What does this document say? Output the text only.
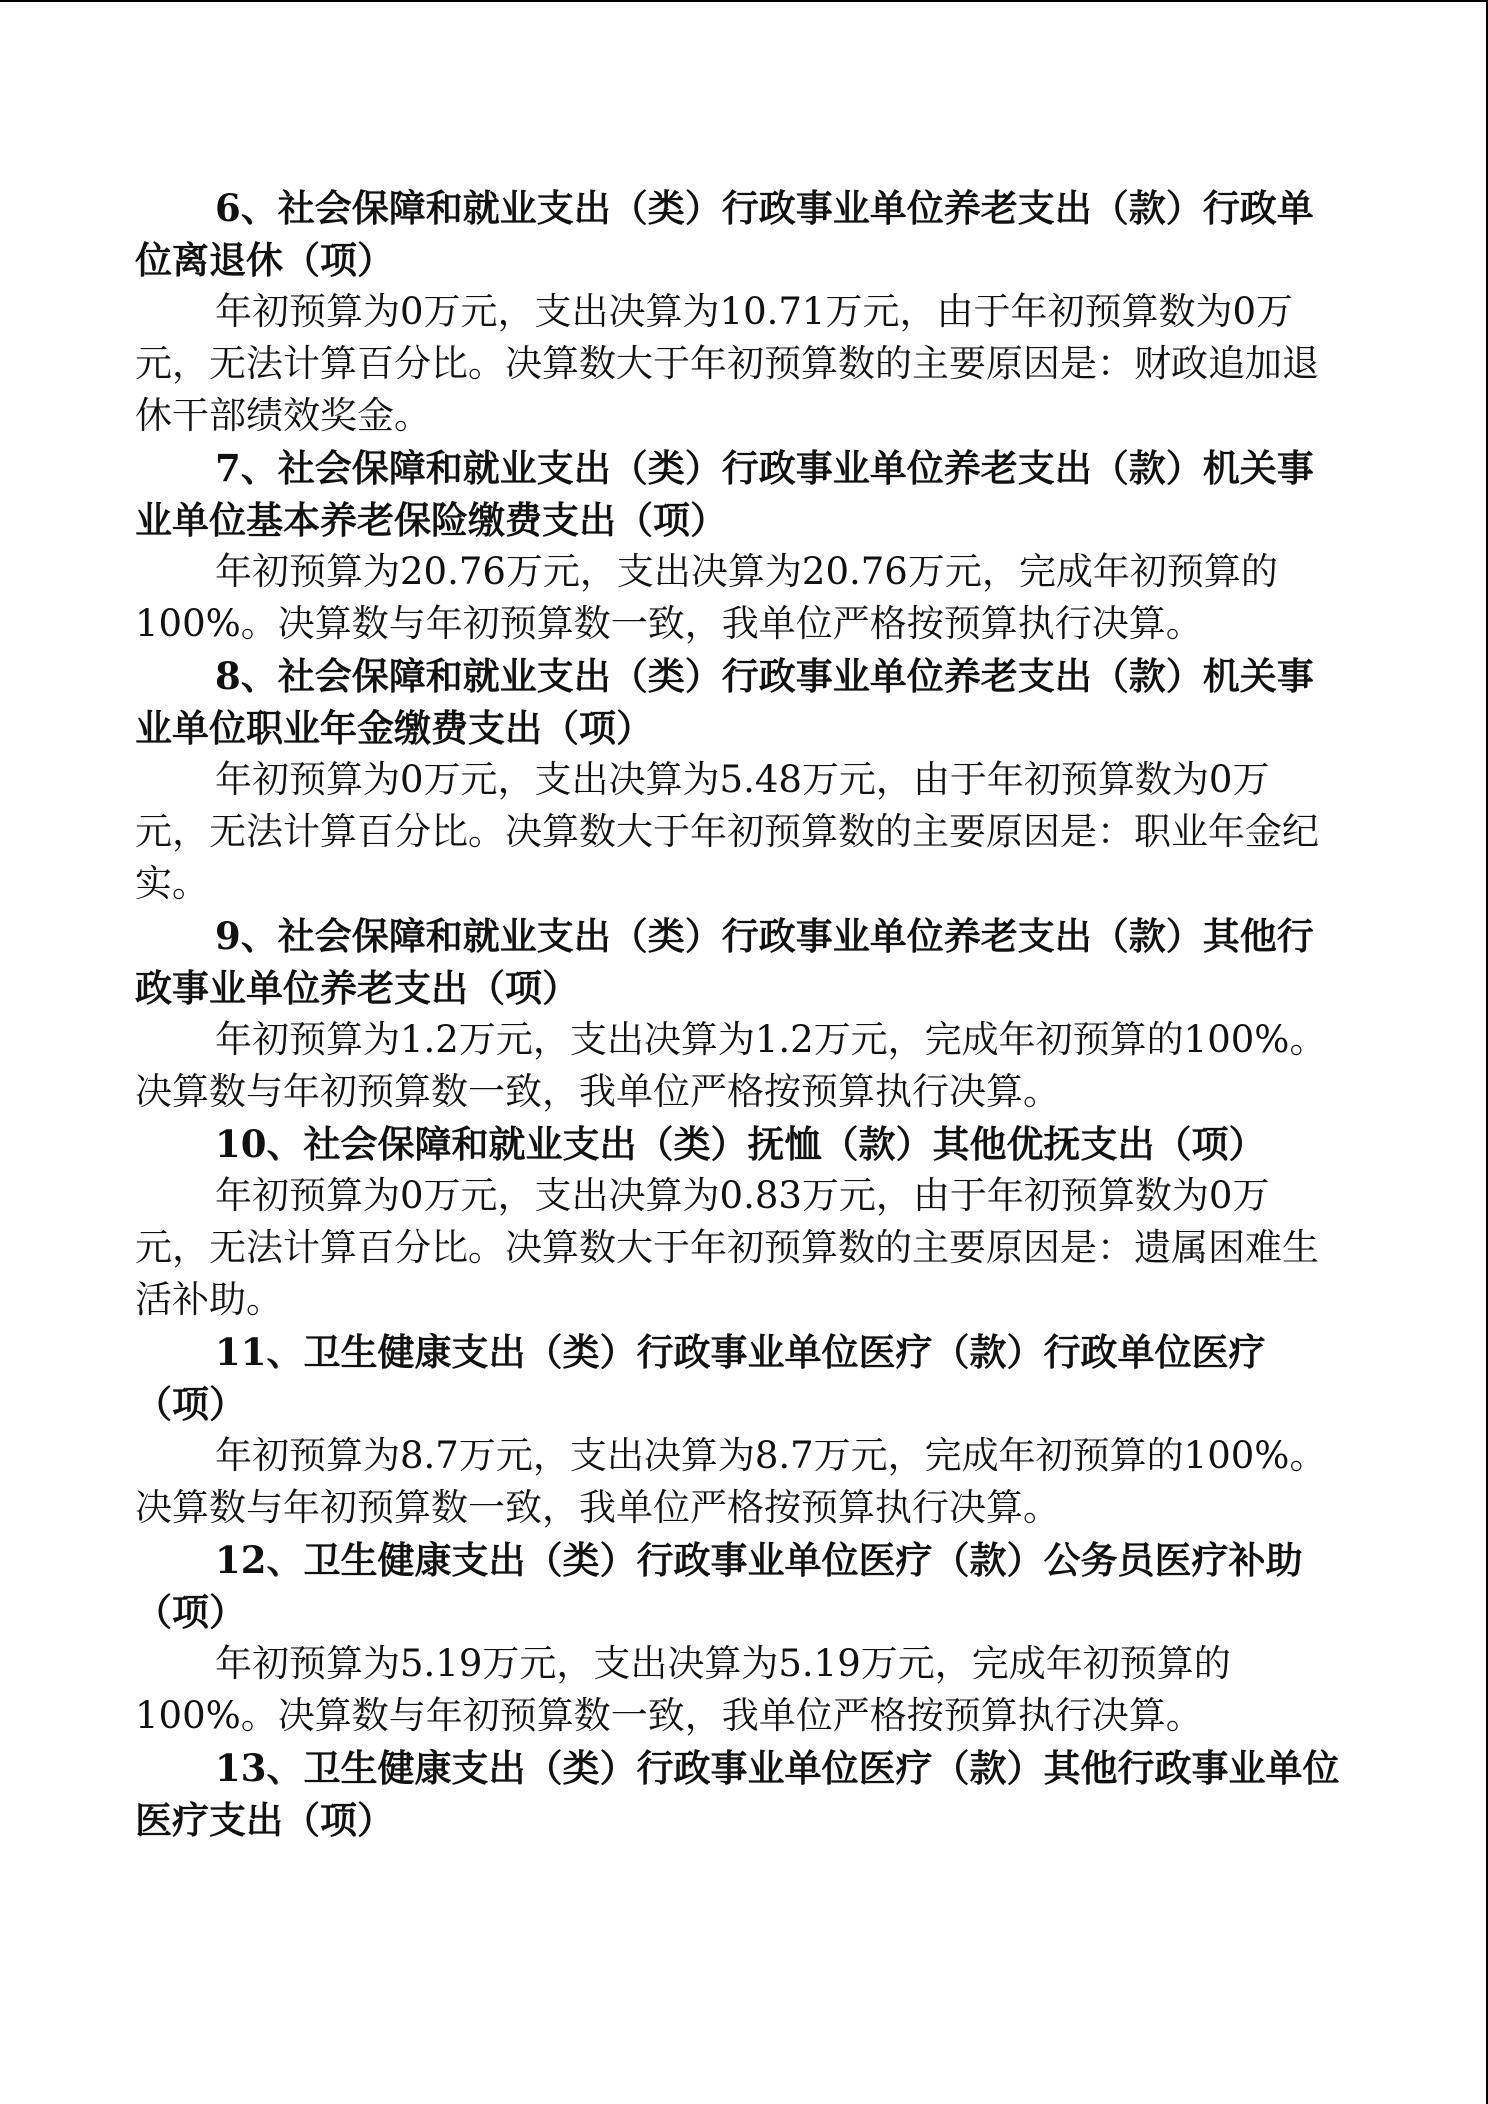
6、社会保障和就业支出（类）行政事业单位养老支出（款）行政单位离退休（项）

年初预算为0万元，支出决算为10.71万元，由于年初预算数为0万元，无法计算百分比。决算数大于年初预算数的主要原因是：财政追加退休干部绩效奖金。

7、社会保障和就业支出（类）行政事业单位养老支出（款）机关事业单位基本养老保险缴费支出（项）

年初预算为20.76万元，支出决算为20.76万元，完成年初预算的100%。决算数与年初预算数一致，我单位严格按预算执行决算。

8、社会保障和就业支出（类）行政事业单位养老支出（款）机关事业单位职业年金缴费支出（项）

年初预算为0万元，支出决算为5.48万元，由于年初预算数为0万元，无法计算百分比。决算数大于年初预算数的主要原因是：职业年金纪实。

9、社会保障和就业支出（类）行政事业单位养老支出（款）其他行政事业单位养老支出（项）

年初预算为1.2万元，支出决算为1.2万元，完成年初预算的100%。决算数与年初预算数一致，我单位严格按预算执行决算。

10、社会保障和就业支出（类）抚恤（款）其他优抚支出（项）

年初预算为0万元，支出决算为0.83万元，由于年初预算数为0万元，无法计算百分比。决算数大于年初预算数的主要原因是：遗属困难生活补助。

11、卫生健康支出（类）行政事业单位医疗（款）行政单位医疗（项）

年初预算为8.7万元，支出决算为8.7万元，完成年初预算的100%。决算数与年初预算数一致，我单位严格按预算执行决算。

12、卫生健康支出（类）行政事业单位医疗（款）公务员医疗补助（项）

年初预算为5.19万元，支出决算为5.19万元，完成年初预算的100%。决算数与年初预算数一致，我单位严格按预算执行决算。

13、卫生健康支出（类）行政事业单位医疗（款）其他行政事业单位医疗支出（项）
